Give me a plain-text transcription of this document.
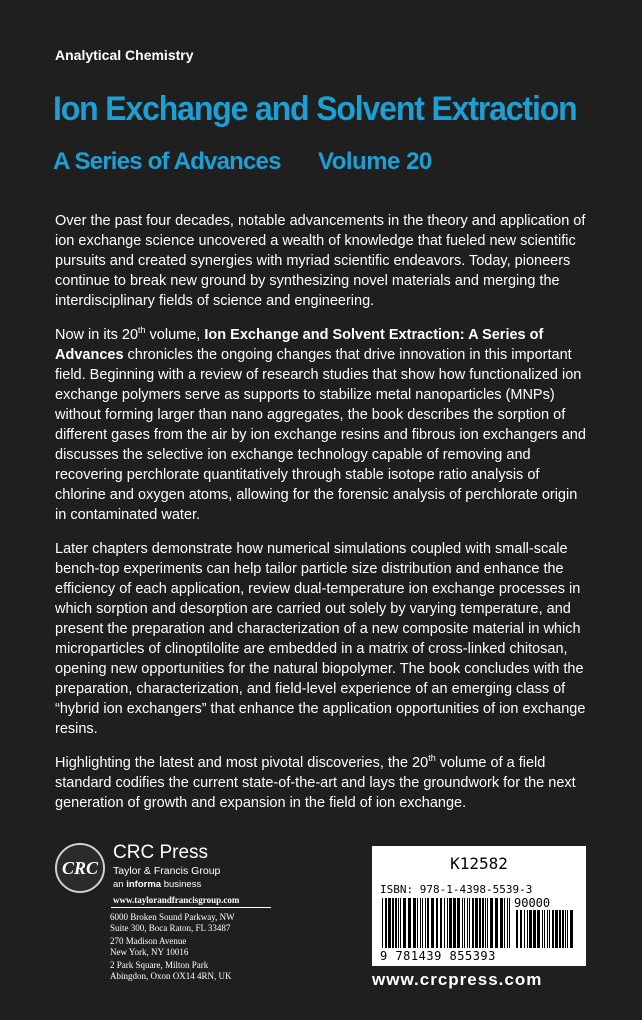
Analytical Chemistry
Ion Exchange and Solvent Extraction
A Series of Advances Volume 20

Over the past four decades, notable advancements in the theory and application of ion exchange science uncovered a wealth of knowledge that fueled new scientific pursuits and created synergies with myriad scientific endeavors. Today, pioneers continue to break new ground by synthesizing novel materials and merging the interdisciplinary fields of science and engineering.

Now in its 20th volume, Ion Exchange and Solvent Extraction: A Series of Advances chronicles the ongoing changes that drive innovation in this important field. Beginning with a review of research studies that show how functionalized ion exchange polymers serve as supports to stabilize metal nanoparticles (MNPs) without forming larger than nano aggregates, the book describes the sorption of different gases from the air by ion exchange resins and fibrous ion exchangers and discusses the selective ion exchange technology capable of removing and recovering perchlorate quantitatively through stable isotope ratio analysis of chlorine and oxygen atoms, allowing for the forensic analysis of perchlorate origin in contaminated water.

Later chapters demonstrate how numerical simulations coupled with small-scale bench-top experiments can help tailor particle size distribution and enhance the efficiency of each application, review dual-temperature ion exchange processes in which sorption and desorption are carried out solely by varying temperature, and present the preparation and characterization of a new composite material in which microparticles of clinoptilolite are embedded in a matrix of cross-linked chitosan, opening new opportunities for the natural biopolymer. The book concludes with the preparation, characterization, and field-level experience of an emerging class of “hybrid ion exchangers” that enhance the application opportunities of ion exchange resins.

Highlighting the latest and most pivotal discoveries, the 20th volume of a field standard codifies the current state-of-the-art and lays the groundwork for the next generation of growth and expansion in the field of ion exchange.

CRC
CRC Press
Taylor & Francis Group
an informa business
www.taylorandfrancisgroup.com
6000 Broken Sound Parkway, NW
Suite 300, Boca Raton, FL 33487
270 Madison Avenue
New York, NY 10016
2 Park Square, Milton Park
Abingdon, Oxon OX14 4RN, UK
K12582
ISBN: 978-1-4398-5539-3
90000
9 781439 855393
www.crcpress.com
